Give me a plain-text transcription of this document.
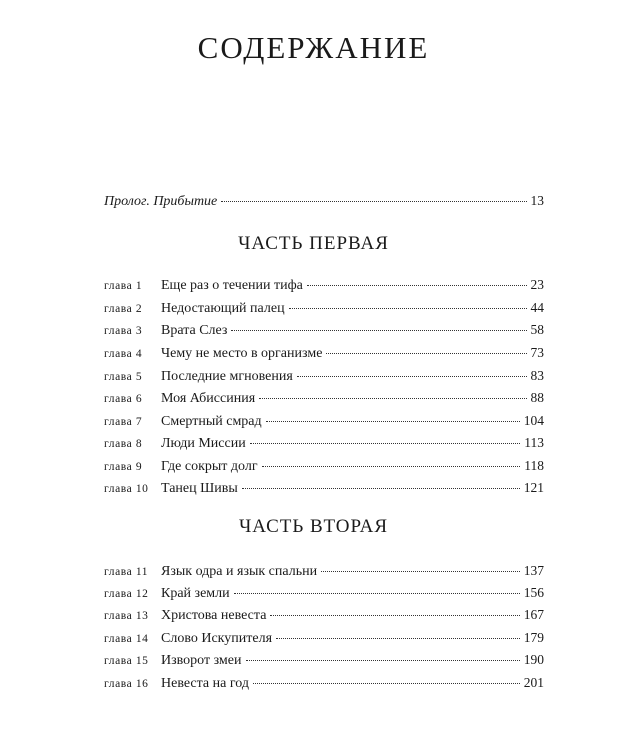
СОДЕРЖАНИЕ
Пролог. Прибытие	13
ЧАСТЬ ПЕРВАЯ
глава 1	Еще раз о течении тифа	23
глава 2	Недостающий палец	44
глава 3	Врата Слез	58
глава 4	Чему не место в организме	73
глава 5	Последние мгновения	83
глава 6	Моя Абиссиния	88
глава 7	Смертный смрад	104
глава 8	Люди Миссии	113
глава 9	Где сокрыт долг	118
глава 10 Танец Шивы	121
ЧАСТЬ ВТОРАЯ
глава 11 Язык одра и язык спальни	137
глава 12 Край земли	156
глава 13 Христова невеста	167
глава 14 Слово Искупителя	179
глава 15 Изворот змеи	190
глава 16 Невеста на год	201
